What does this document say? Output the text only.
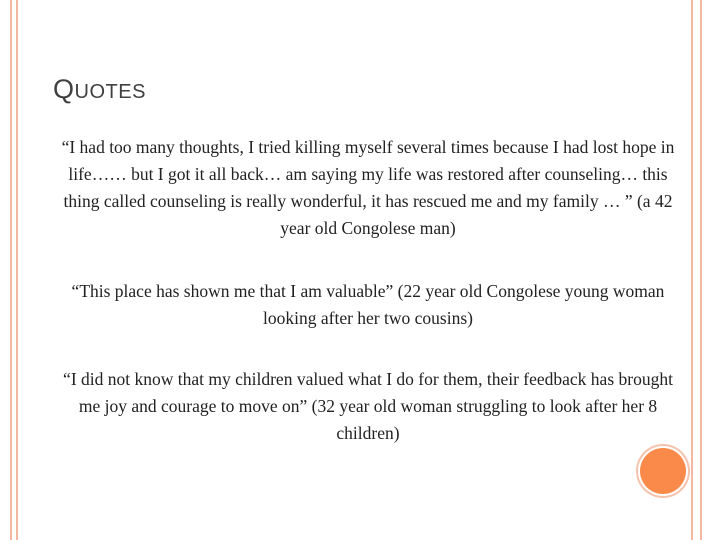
QUOTES
“I had too many thoughts, I tried killing myself several times because I had lost hope in life…… but I got it all back… am saying my life was restored after counseling… this thing called counseling is really wonderful, it has rescued me and my family … ” (a 42 year old Congolese man)
“This place has shown me that I am valuable” (22 year old Congolese young woman looking after her two cousins)
“I did not know that my children valued what I do for them, their feedback has brought me joy and courage to move on” (32 year old woman struggling to look after her 8 children)
